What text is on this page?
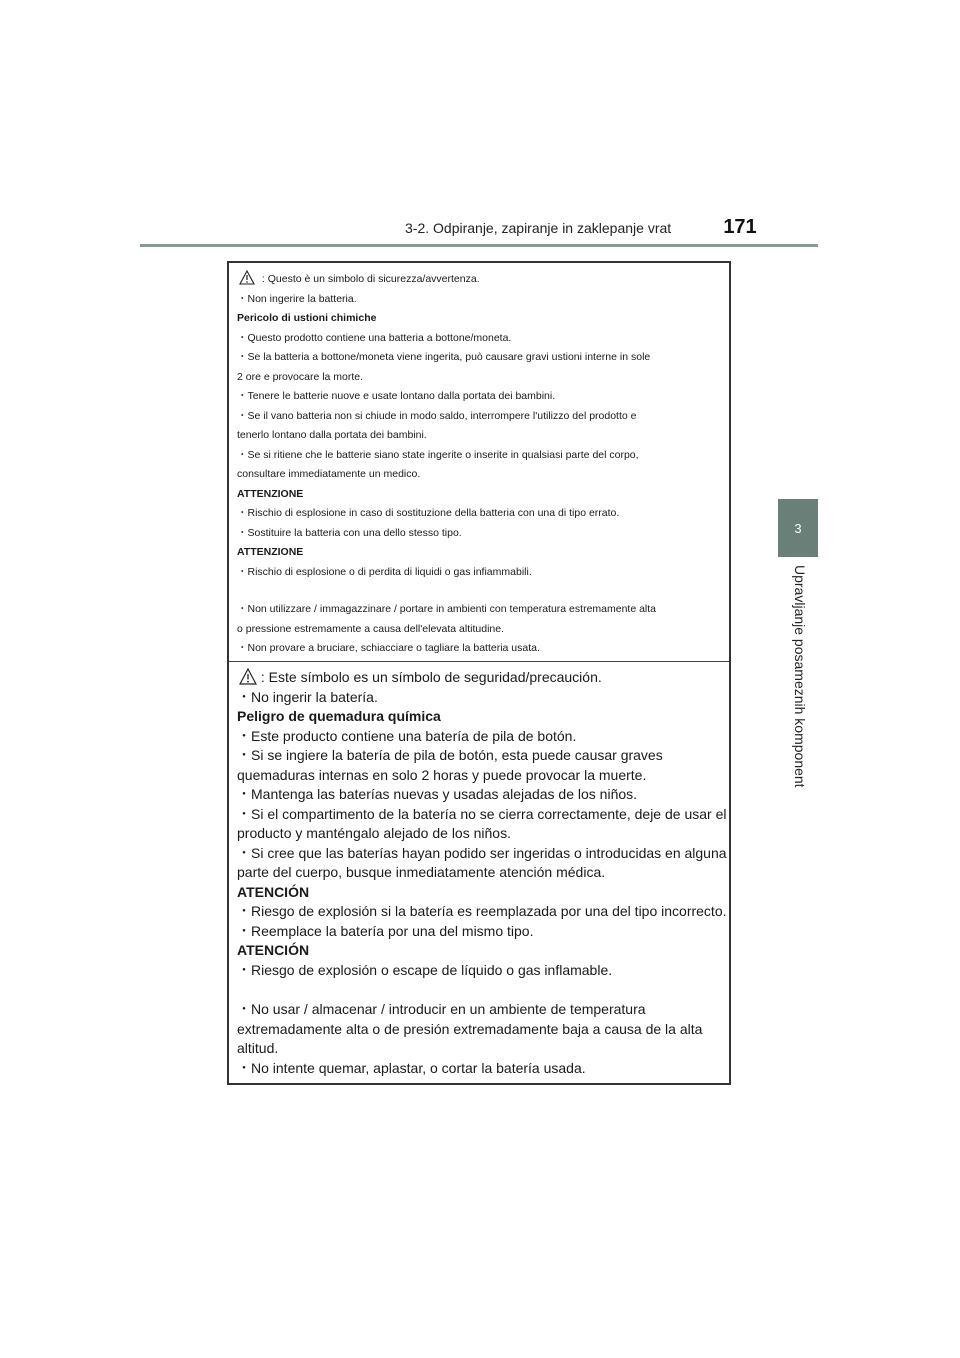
3-2. Odpiranje, zapiranje in zaklepanje vrat	171
3
Upravljanje posameznih komponent
: Questo è un simbolo di sicurezza/avvertenza.
・Non ingerire la batteria.
Pericolo di ustioni chimiche
・Questo prodotto contiene una batteria a bottone/moneta.
・Se la batteria a bottone/moneta viene ingerita, può causare gravi ustioni interne in sole
2 ore e provocare la morte.
・Tenere le batterie nuove e usate lontano dalla portata dei bambini.
・Se il vano batteria non si chiude in modo saldo, interrompere l'utilizzo del prodotto e
tenerlo lontano dalla portata dei bambini.
・Se si ritiene che le batterie siano state ingerite o inserite in qualsiasi parte del corpo,
consultare immediatamente un medico.
ATTENZIONE
・Rischio di esplosione in caso di sostituzione della batteria con una di tipo errato.
・Sostituire la batteria con una dello stesso tipo.
ATTENZIONE
・Rischio di esplosione o di perdita di liquidi o gas infiammabili.
・Non utilizzare / immagazzinare / portare in ambienti con temperatura estremamente alta
o pressione estremamente a causa dell'elevata altitudine.
・Non provare a bruciare, schiacciare o tagliare la batteria usata.
: Este símbolo es un símbolo de seguridad/precaución.
・No ingerir la batería.
Peligro de quemadura química
・Este producto contiene una batería de pila de botón.
・Si se ingiere la batería de pila de botón, esta puede causar graves
quemaduras internas en solo 2 horas y puede provocar la muerte.
・Mantenga las baterías nuevas y usadas alejadas de los niños.
・Si el compartimento de la batería no se cierra correctamente, deje de usar el
producto y manténgalo alejado de los niños.
・Si cree que las baterías hayan podido ser ingeridas o introducidas en alguna
parte del cuerpo, busque inmediatamente atención médica.
ATENCIÓN
・Riesgo de explosión si la batería es reemplazada por una del tipo incorrecto.
・Reemplace la batería por una del mismo tipo.
ATENCIÓN
・Riesgo de explosión o escape de líquido o gas inflamable.
・No usar / almacenar / introducir en un ambiente de temperatura
extremadamente alta o de presión extremadamente baja a causa de la alta
altitud.
・No intente quemar, aplastar, o cortar la batería usada.
